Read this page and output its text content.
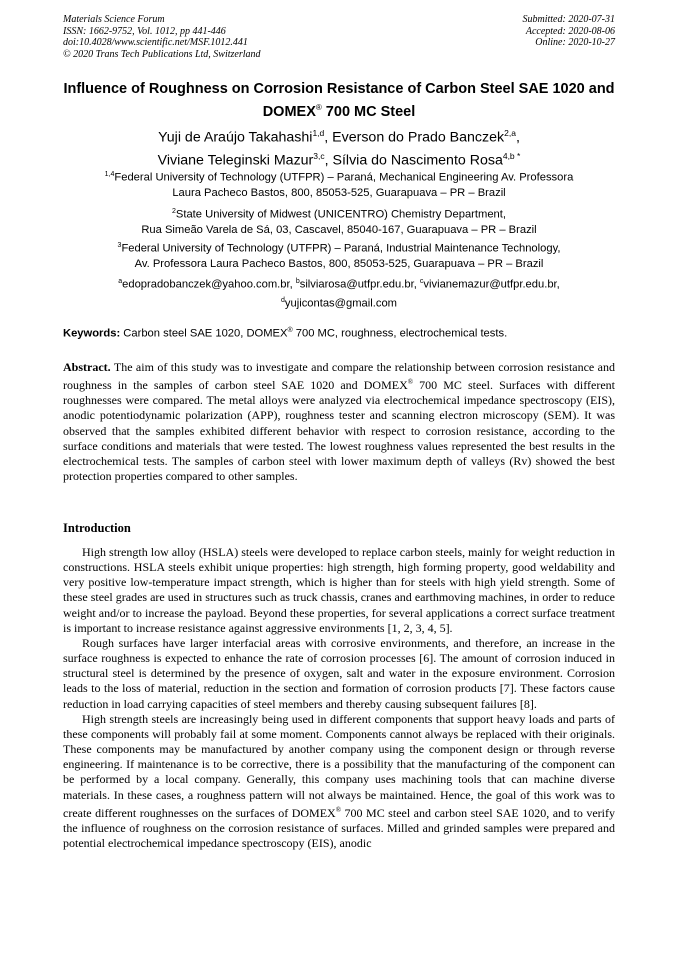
Materials Science Forum
ISSN: 1662-9752, Vol. 1012, pp 441-446
doi:10.4028/www.scientific.net/MSF.1012.441
© 2020 Trans Tech Publications Ltd, Switzerland
Submitted: 2020-07-31
Accepted: 2020-08-06
Online: 2020-10-27
Influence of Roughness on Corrosion Resistance of Carbon Steel SAE 1020 and DOMEX® 700 MC Steel
Yuji de Araújo Takahashi$^{1,d}$, Everson do Prado Banczek$^{2,a}$,
Viviane Teleginski Mazur$^{3,c}$, Sílvia do Nascimento Rosa$^{4,b *}$
$^{1,4}$Federal University of Technology (UTFPR) – Paraná, Mechanical Engineering Av. Professora
Laura Pacheco Bastos, 800, 85053-525, Guarapuava – PR – Brazil
$^2$State University of Midwest (UNICENTRO) Chemistry Department,
Rua Simeão Varela de Sá, 03, Cascavel, 85040-167, Guarapuava – PR – Brazil
$^3$Federal University of Technology (UTFPR) – Paraná, Industrial Maintenance Technology,
Av. Professora Laura Pacheco Bastos, 800, 85053-525, Guarapuava – PR – Brazil
$^a$edopradobanczek@yahoo.com.br, $^b$silviarosa@utfpr.edu.br, $^c$vivianemazur@utfpr.edu.br,
$^d$yujicontas@gmail.com
Keywords: Carbon steel SAE 1020, DOMEX® 700 MC, roughness, electrochemical tests.
Abstract. The aim of this study was to investigate and compare the relationship between corrosion resistance and roughness in the samples of carbon steel SAE 1020 and DOMEX® 700 MC steel. Surfaces with different roughnesses were compared. The metal alloys were analyzed via electrochemical impedance spectroscopy (EIS), anodic potentiodynamic polarization (APP), roughness tester and scanning electron microscopy (SEM). It was observed that the samples exhibited different behavior with respect to corrosion resistance, according to the surface conditions and materials that were tested. The lowest roughness values represented the best results in the electrochemical tests. The samples of carbon steel with lower maximum depth of valleys (Rv) showed the best protection properties compared to other samples.
Introduction

High strength low alloy (HSLA) steels were developed to replace carbon steels, mainly for weight reduction in constructions. HSLA steels exhibit unique properties: high strength, high forming property, good weldability and very positive low-temperature impact strength, which is higher than for steels with high yield strength. Some of these steel grades are used in structures such as truck chassis, cranes and earthmoving machines, in order to reduce weight and/or to increase the payload. Beyond these properties, for several applications a correct surface treatment is important to increase resistance against aggressive environments [1, 2, 3, 4, 5].

Rough surfaces have larger interfacial areas with corrosive environments, and therefore, an increase in the surface roughness is expected to enhance the rate of corrosion processes [6]. The amount of corrosion induced in structural steel is determined by the presence of oxygen, salt and water in the exposure environment. Corrosion leads to the loss of material, reduction in the section and formation of corrosion products [7]. These factors cause reduction in load carrying capacities of steel members and thereby causing subsequent failures [8].

High strength steels are increasingly being used in different components that support heavy loads and parts of these components will probably fail at some moment. Components cannot always be replaced with their originals. These components may be manufactured by another company using the component design or through reverse engineering. If maintenance is to be corrective, there is a possibility that the manufacturing of the component can be performed by a local company. Generally, this company uses machining tools that can machine diverse materials. In these cases, a roughness pattern will not always be maintained. Hence, the goal of this work was to create different roughnesses on the surfaces of DOMEX® 700 MC steel and carbon steel SAE 1020, and to verify the influence of roughness on the corrosion resistance of surfaces. Milled and grinded samples were prepared and potential electrochemical impedance spectroscopy (EIS), anodic
